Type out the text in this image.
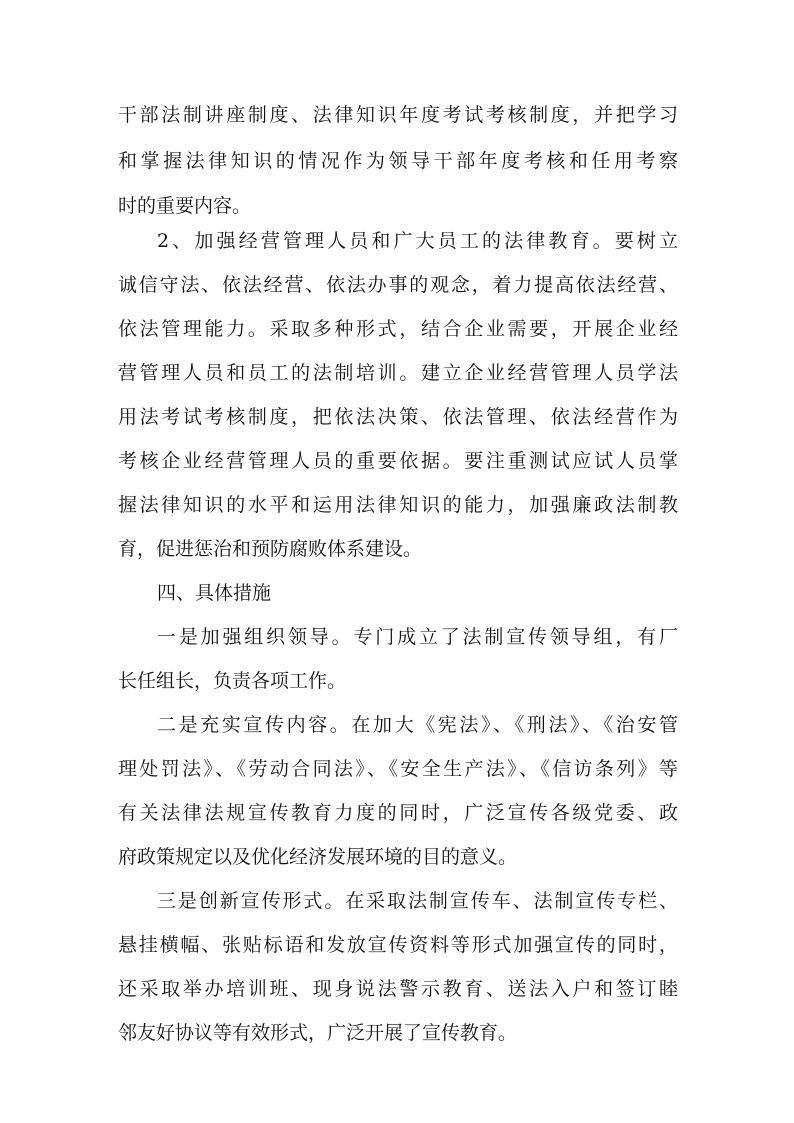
干部法制讲座制度、法律知识年度考试考核制度，并把学习
和掌握法律知识的情况作为领导干部年度考核和任用考察
时的重要内容。
2、加强经营管理人员和广大员工的法律教育。要树立
诚信守法、依法经营、依法办事的观念，着力提高依法经营、
依法管理能力。采取多种形式，结合企业需要，开展企业经
营管理人员和员工的法制培训。建立企业经营管理人员学法
用法考试考核制度，把依法决策、依法管理、依法经营作为
考核企业经营管理人员的重要依据。要注重测试应试人员掌
握法律知识的水平和运用法律知识的能力，加强廉政法制教
育，促进惩治和预防腐败体系建设。
四、具体措施
一是加强组织领导。专门成立了法制宣传领导组，有厂
长任组长，负责各项工作。
二是充实宣传内容。在加大《宪法》、《刑法》、《治安管
理处罚法》、《劳动合同法》、《安全生产法》、《信访条列》等
有关法律法规宣传教育力度的同时，广泛宣传各级党委、政
府政策规定以及优化经济发展环境的目的意义。
三是创新宣传形式。在采取法制宣传车、法制宣传专栏、
悬挂横幅、张贴标语和发放宣传资料等形式加强宣传的同时，
还采取举办培训班、现身说法警示教育、送法入户和签订睦
邻友好协议等有效形式，广泛开展了宣传教育。
